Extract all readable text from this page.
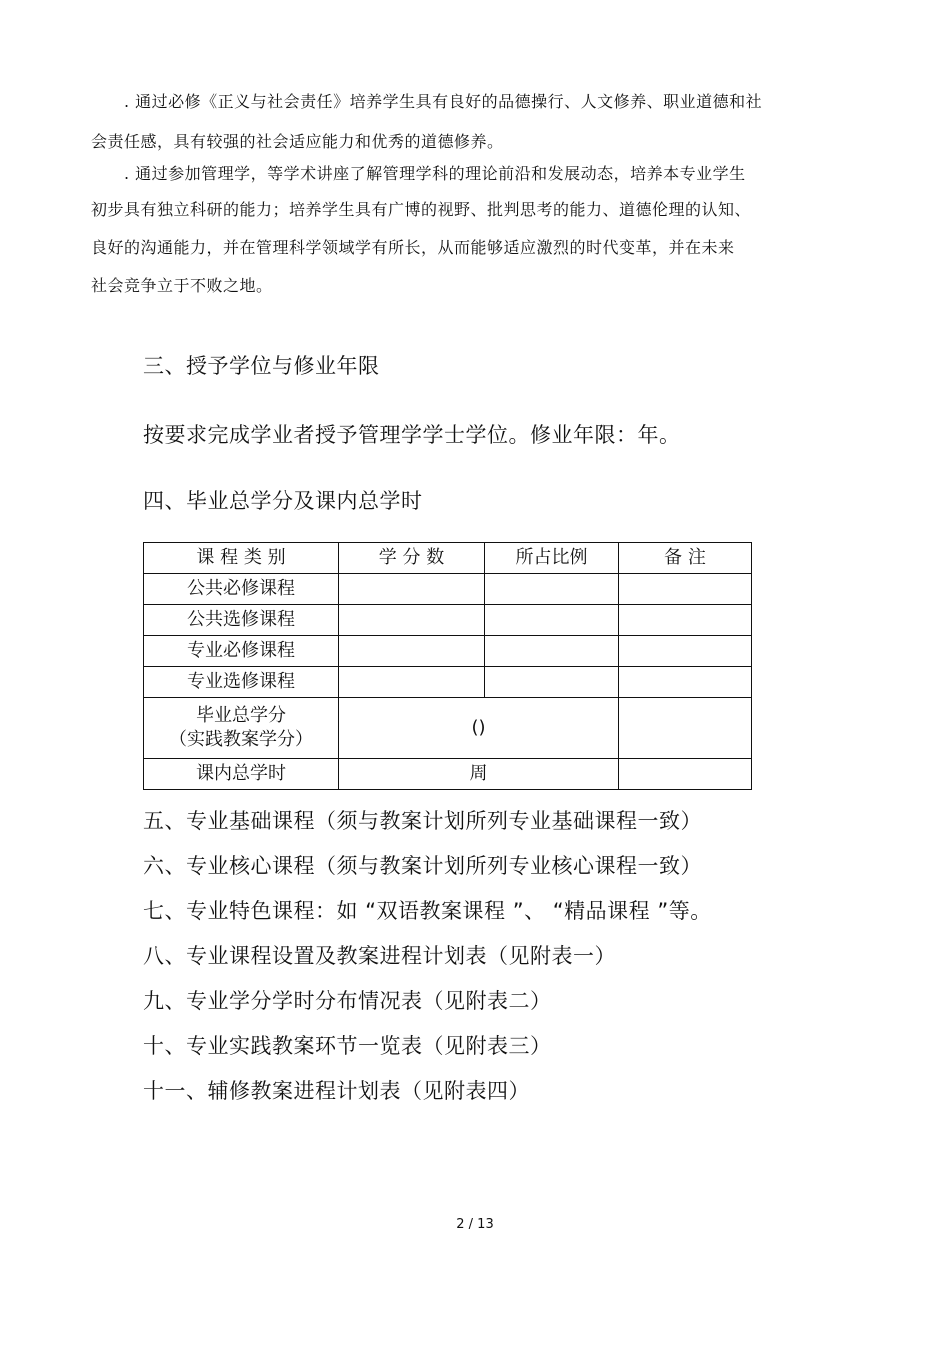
. 通过必修《正义与社会责任》培养学生具有良好的品德操行、人文修养、职业道德和社
会责任感，具有较强的社会适应能力和优秀的道德修养。
. 通过参加管理学，等学术讲座了解管理学科的理论前沿和发展动态，培养本专业学生
初步具有独立科研的能力；培养学生具有广博的视野、批判思考的能力、道德伦理的认知、
良好的沟通能力，并在管理科学领域学有所长，从而能够适应激烈的时代变革，并在未来
社会竞争立于不败之地。
三、授予学位与修业年限
按要求完成学业者授予管理学学士学位。修业年限：年。
四、毕业总学分及课内总学时
课 程 类 别	学 分 数	所占比例	备 注
公共必修课程			
公共选修课程			
专业必修课程			
专业选修课程			

毕业总学分
（实践教案学分）	()		
课内总学时	周		
五、专业基础课程（须与教案计划所列专业基础课程一致）
六、专业核心课程（须与教案计划所列专业核心课程一致）
七、专业特色课程：如 “双语教案课程 ”、 “精品课程 ”等。
八、专业课程设置及教案进程计划表（见附表一）
九、专业学分学时分布情况表（见附表二）
十、专业实践教案环节一览表（见附表三）
十一、辅修教案进程计划表（见附表四）
2 / 13
